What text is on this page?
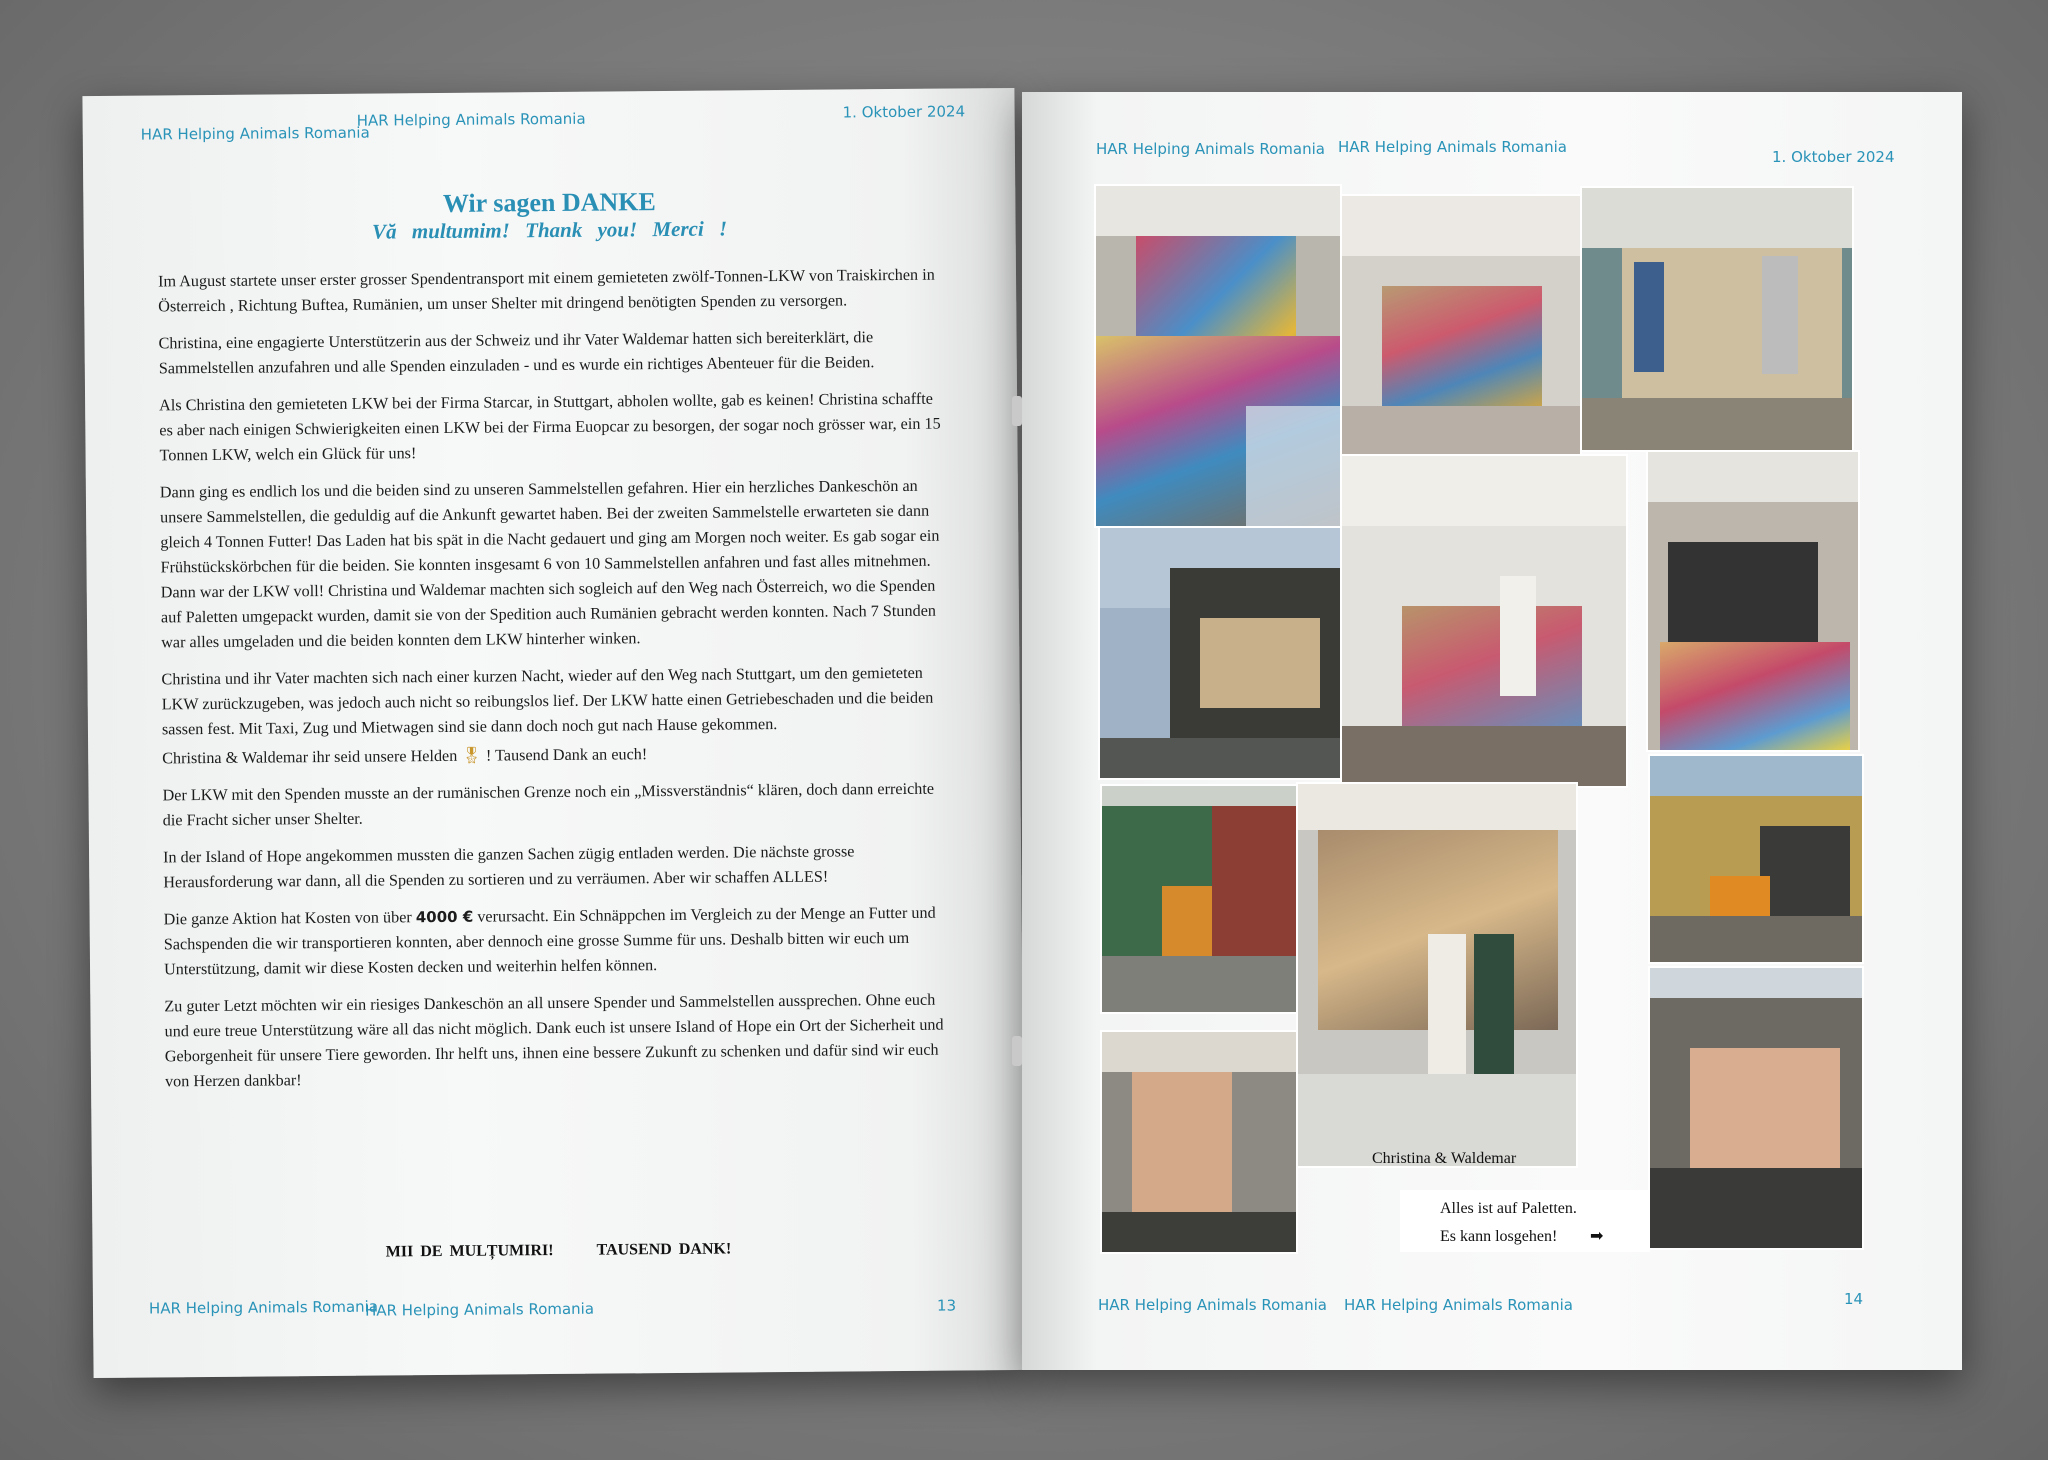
HAR Helping Animals Romania
HAR Helping Animals Romania	1. Oktober 2024
Wir sagen DANKE
Vă multumim! Thank you! Merci !

Im August startete unser erster grosser Spendentransport mit einem gemieteten zwölf-Tonnen-LKW von Traiskirchen in Österreich , Richtung Buftea, Rumänien, um unser Shelter mit dringend benötigten Spenden zu versorgen.

Christina, eine engagierte Unterstützerin aus der Schweiz und ihr Vater Waldemar hatten sich bereiterklärt, die Sammelstellen anzufahren und alle Spenden einzuladen - und es wurde ein richtiges Abenteuer für die Beiden.

Als Christina den gemieteten LKW bei der Firma Starcar, in Stuttgart, abholen wollte, gab es keinen! Christina schaffte es aber nach einigen Schwierigkeiten einen LKW bei der Firma Euopcar zu besorgen, der sogar noch grösser war, ein 15 Tonnen LKW, welch ein Glück für uns!

Dann ging es endlich los und die beiden sind zu unseren Sammelstellen gefahren. Hier ein herzliches Dankeschön an unsere Sammelstellen, die geduldig auf die Ankunft gewartet haben. Bei der zweiten Sammelstelle erwarteten sie dann gleich 4 Tonnen Futter! Das Laden hat bis spät in die Nacht gedauert und ging am Morgen noch weiter. Es gab sogar ein Frühstückskörbchen für die beiden. Sie konnten insgesamt 6 von 10 Sammelstellen anfahren und fast alles mitnehmen. Dann war der LKW voll! Christina und Waldemar machten sich sogleich auf den Weg nach Österreich, wo die Spenden auf Paletten umgepackt wurden, damit sie von der Spedition auch Rumänien gebracht werden konnten. Nach 7 Stunden war alles umgeladen und die beiden konnten dem LKW hinterher winken.

Christina und ihr Vater machten sich nach einer kurzen Nacht, wieder auf den Weg nach Stuttgart, um den gemieteten LKW zurückzugeben, was jedoch auch nicht so reibungslos lief. Der LKW hatte einen Getriebeschaden und die beiden sassen fest. Mit Taxi, Zug und Mietwagen sind sie dann doch noch gut nach Hause gekommen.

Christina & Waldemar ihr seid unsere Helden 🎖 ! Tausend Dank an euch!

Der LKW mit den Spenden musste an der rumänischen Grenze noch ein „Missverständnis“ klären, doch dann erreichte die Fracht sicher unser Shelter.

In der Island of Hope angekommen mussten die ganzen Sachen zügig entladen werden. Die nächste grosse Herausforderung war dann, all die Spenden zu sortieren und zu verräumen. Aber wir schaffen ALLES!

Die ganze Aktion hat Kosten von über 4000 € verursacht. Ein Schnäppchen im Vergleich zu der Menge an Futter und Sachspenden die wir transportieren konnten, aber dennoch eine grosse Summe für uns. Deshalb bitten wir euch um Unterstützung, damit wir diese Kosten decken und weiterhin helfen können.

Zu guter Letzt möchten wir ein riesiges Dankeschön an all unsere Spender und Sammelstellen aussprechen. Ohne euch und eure treue Unterstützung wäre all das nicht möglich. Dank euch ist unsere Island of Hope ein Ort der Sicherheit und Geborgenheit für unsere Tiere geworden. Ihr helft uns, ihnen eine bessere Zukunft zu schenken und dafür sind wir euch von Herzen dankbar!

MII DE MULȚUMIRI!	TAUSEND DANK!
HAR Helping Animals Romania
HAR Helping Animals Romania	13
HAR Helping Animals Romania HAR Helping Animals Romania
1. Oktober 2024
Christina & Waldemar
Alles ist auf Paletten.
Es kann losgehen! ➡
HAR Helping Animals Romania HAR Helping Animals Romania	14
